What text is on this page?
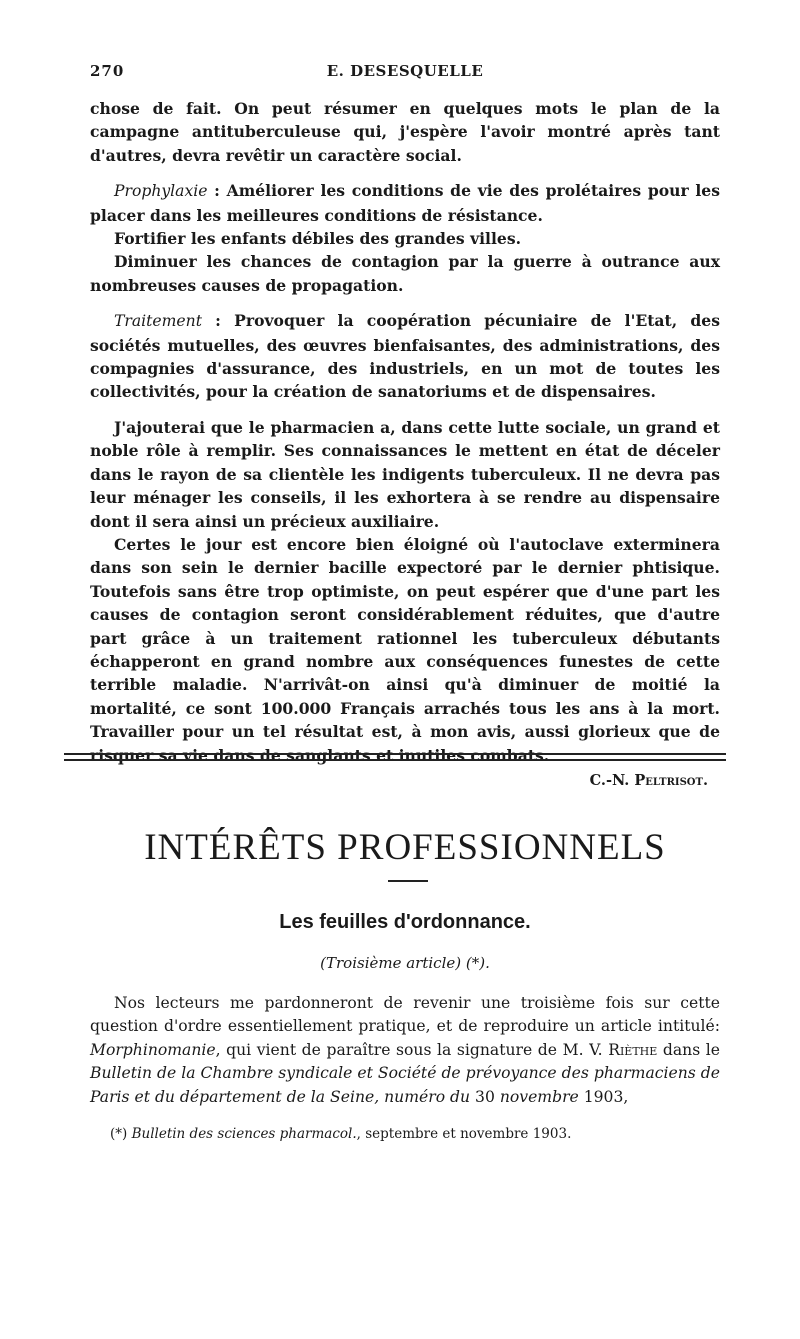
270	E. DESESQUELLE

chose de fait. On peut résumer en quelques mots le plan de la campagne antituberculeuse qui, j'espère l'avoir montré après tant d'autres, devra revêtir un caractère social.

Prophylaxie : Améliorer les conditions de vie des prolétaires pour les placer dans les meilleures conditions de résistance.

Fortifier les enfants débiles des grandes villes.

Diminuer les chances de contagion par la guerre à outrance aux nombreuses causes de propagation.

Traitement : Provoquer la coopération pécuniaire de l'Etat, des sociétés mutuelles, des œuvres bienfaisantes, des administrations, des compagnies d'assurance, des industriels, en un mot de toutes les collectivités, pour la création de sanatoriums et de dispensaires.

J'ajouterai que le pharmacien a, dans cette lutte sociale, un grand et noble rôle à remplir. Ses connaissances le mettent en état de déceler dans le rayon de sa clientèle les indigents tuberculeux. Il ne devra pas leur ménager les conseils, il les exhortera à se rendre au dispensaire dont il sera ainsi un précieux auxiliaire.

Certes le jour est encore bien éloigné où l'autoclave exterminera dans son sein le dernier bacille expectoré par le dernier phtisique. Toutefois sans être trop optimiste, on peut espérer que d'une part les causes de contagion seront considérablement réduites, que d'autre part grâce à un traitement rationnel les tuberculeux débutants échapperont en grand nombre aux conséquences funestes de cette terrible maladie. N'arrivât-on ainsi qu'à diminuer de moitié la mortalité, ce sont 100.000 Français arrachés tous les ans à la mort. Travailler pour un tel résultat est, à mon avis, aussi glorieux que de risquer sa vie dans de sanglants et inutiles combats.

C.-N. Peltrisot.
INTÉRÊTS PROFESSIONNELS
Les feuilles d'ordonnance.
(Troisième article) (*).

Nos lecteurs me pardonneront de revenir une troisième fois sur cette question d'ordre essentiellement pratique, et de reproduire un article intitulé: Morphinomanie, qui vient de paraître sous la signature de M. V. Rièthe dans le Bulletin de la Chambre syndicale et Société de prévoyance des pharmaciens de Paris et du département de la Seine, numéro du 30 novembre 1903,

(*) Bulletin des sciences pharmacol., septembre et novembre 1903.
